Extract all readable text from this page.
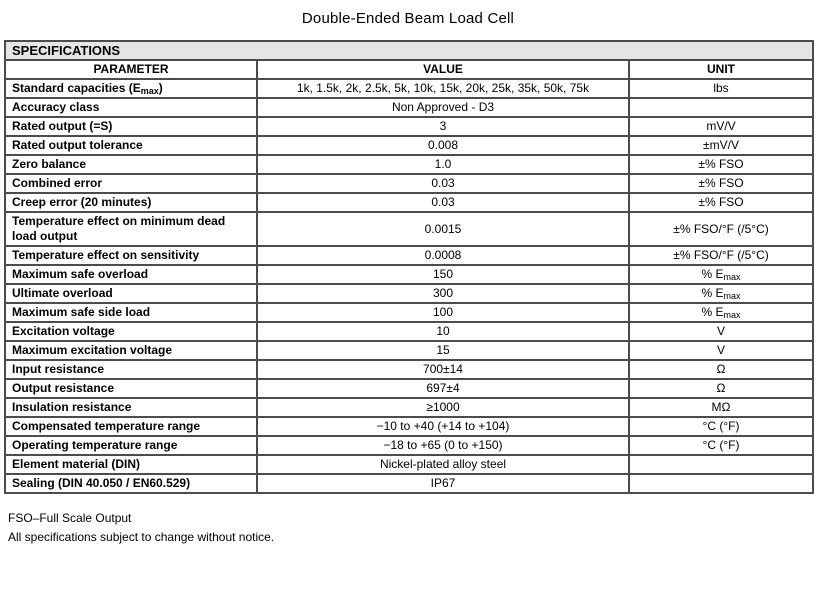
Double-Ended Beam Load Cell
SPECIFICATIONS		
PARAMETER	VALUE	UNIT
Standard capacities $(E_{max})$	1k, 1.5k, 2k, 2.5k, 5k, 10k, 15k, 20k, 25k, 35k, 50k, 75k	lbs
Accuracy class	Non Approved - D3	
Rated output (=S)	3	mV/V
Rated output tolerance	0.008	±mV/V
Zero balance	1.0	±% FSO
Combined error	0.03	±% FSO
Creep error (20 minutes)	0.03	±% FSO
Temperature effect on minimum dead load output	0.0015	±% FSO/°F (/5°C)
Temperature effect on sensitivity	0.0008	±% FSO/°F (/5°C)
Maximum safe overload	150	% $E_{max}$
Ultimate overload	300	% $E_{max}$
Maximum safe side load	100	% $E_{max}$
Excitation voltage	10	V
Maximum excitation voltage	15	V
Input resistance	700±14	Ω
Output resistance	697±4	Ω
Insulation resistance	≥1000	MΩ
Compensated temperature range	−10 to +40 (+14 to +104)	°C (°F)
Operating temperature range	−18 to +65 (0 to +150)	°C (°F)
Element material (DIN)	Nickel-plated alloy steel	
Sealing (DIN 40.050 / EN60.529)	IP67	
FSO–Full Scale Output
All specifications subject to change without notice.
